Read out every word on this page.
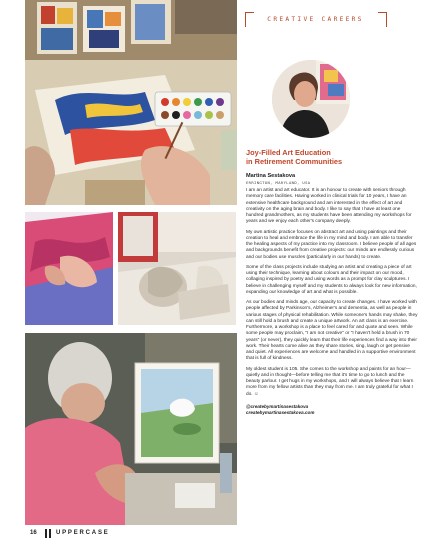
CREATIVE CAREERS
Joy-Filled Art Education
in Retirement Communities
Martina Sestakova
ERRINGTON, MARYLAND, USA

I am an artist and art educator. It is an honour to create with seniors through memory care facilities. Having worked in clinical trials for 10 years, I have an extensive healthcare background and am interested in the effect of art and creativity on the aging brain and body. I like to say that I have at least one hundred grandmothers, as my students have been attending my workshops for years and we enjoy each other's company deeply.

My own artistic practice focuses on abstract art and using paintings and their creation to heal and embrace the life in my mind and body. I am able to transfer the healing aspects of my practice into my classroom. I believe people of all ages and backgrounds benefit from creative projects: our minds are endlessly curious and our bodies use muscles (particularly in our hands) to create.

Some of the class projects include studying an artist and creating a piece of art using their technique, learning about colours and their impact on our mood, collaging inspired by poetry and using words as a prompt for clay sculptures. I believe in challenging myself and my students to always look for new information, expanding our knowledge of art and what is possible.

As our bodies and minds age, our capacity to create changes. I have worked with people affected by Parkinson's, Alzheimer's and dementia, as well as people in various stages of physical rehabilitation. While someone's hands may shake, they can still hold a brush and create a unique artwork. An art class is an exercise. Furthermore, a workshop is a place to feel cared for and quote and seen. While some people may proclaim, "I am not creative" or "I haven't held a brush in 70 years" (or never), they quickly learn that their life experiences find a way into their work. Their hearts come alive as they share stories, sing, laugh or get pensive and quiet. All experiences are welcome and handled in a supportive environment that is full of kindness.

My oldest student is 105. She comes to the workshop and paints for an hour—quietly and in thought—before telling me that it's time to go to lunch and the beauty parlour. I get hugs in my workshops, and I will always believe that I learn more from my fellow artists than they may from me. I am truly grateful for what I do. ☺

@createbymartinasestakova
createbymartinasestakova.com
16	UPPERCASE
